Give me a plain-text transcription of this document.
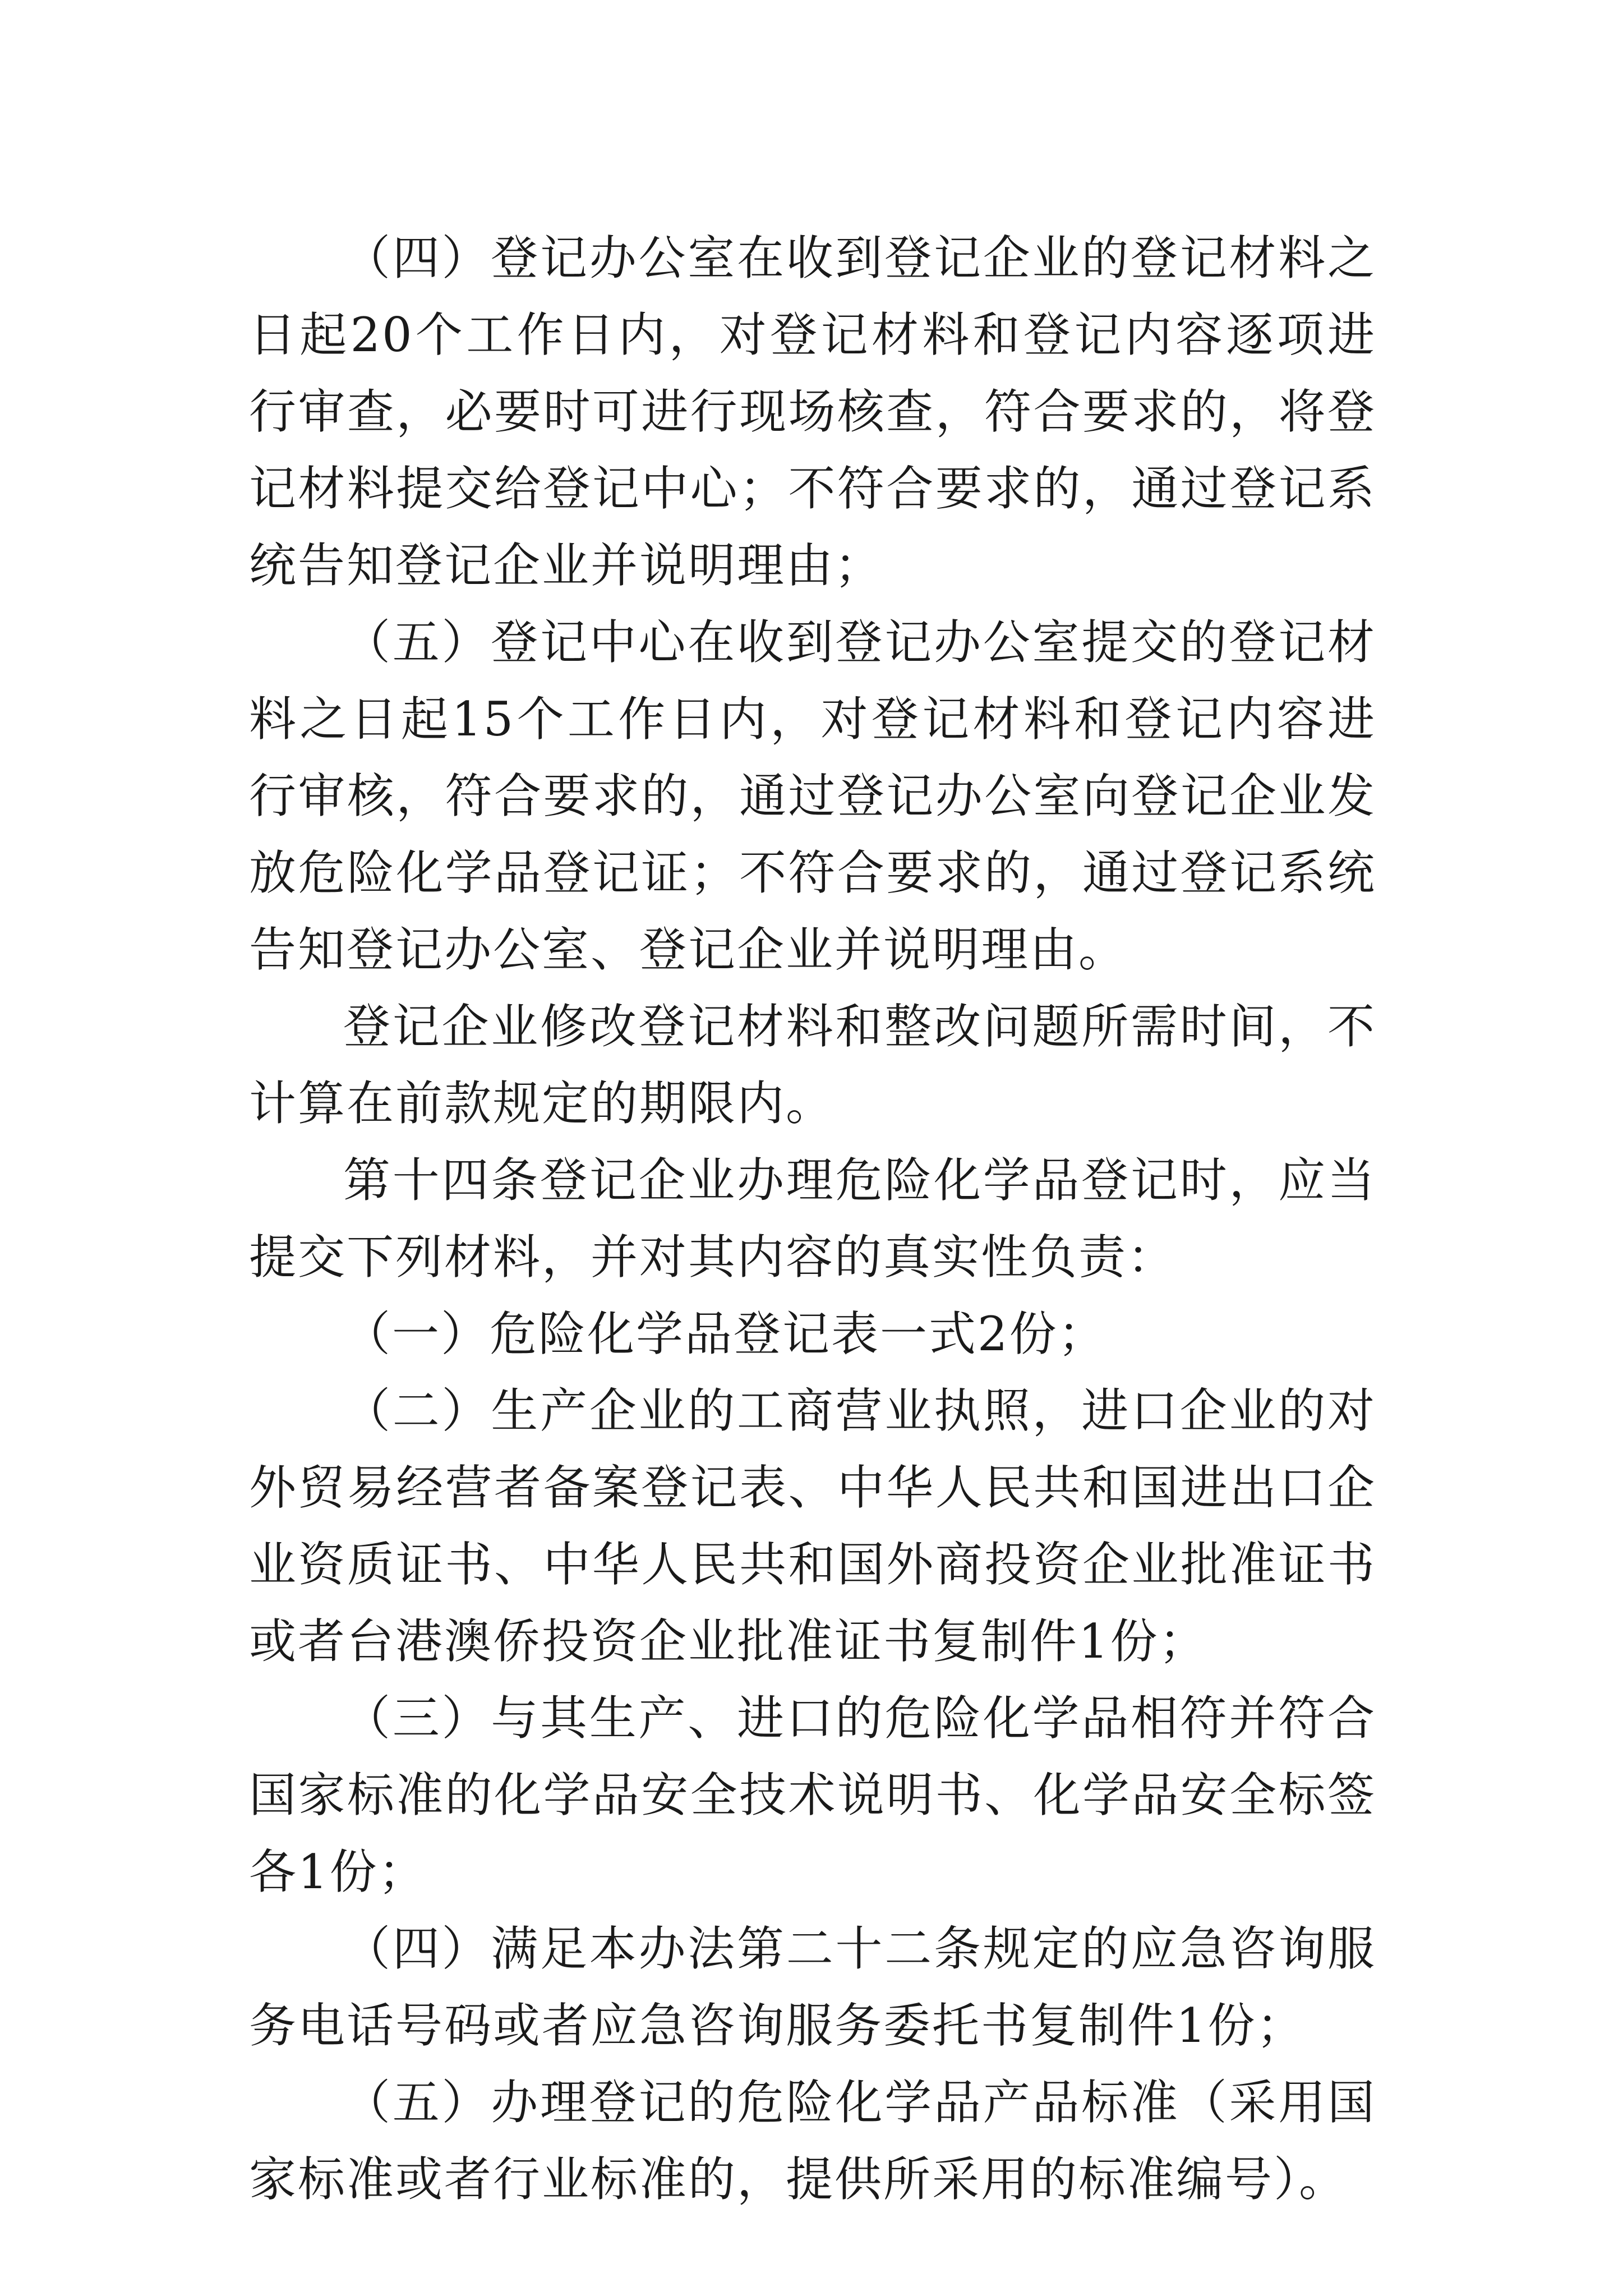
（四）登记办公室在收到登记企业的登记材料之日起20个工作日内，对登记材料和登记内容逐项进行审查，必要时可进行现场核查，符合要求的，将登记材料提交给登记中心；不符合要求的，通过登记系统告知登记企业并说明理由；

（五）登记中心在收到登记办公室提交的登记材料之日起15个工作日内，对登记材料和登记内容进行审核，符合要求的，通过登记办公室向登记企业发放危险化学品登记证；不符合要求的，通过登记系统告知登记办公室、登记企业并说明理由。

登记企业修改登记材料和整改问题所需时间，不计算在前款规定的期限内。

第十四条登记企业办理危险化学品登记时，应当提交下列材料，并对其内容的真实性负责：

（一）危险化学品登记表一式2份；

（二）生产企业的工商营业执照，进口企业的对外贸易经营者备案登记表、中华人民共和国进出口企业资质证书、中华人民共和国外商投资企业批准证书或者台港澳侨投资企业批准证书复制件1份；

（三）与其生产、进口的危险化学品相符并符合国家标准的化学品安全技术说明书、化学品安全标签各1份；

（四）满足本办法第二十二条规定的应急咨询服务电话号码或者应急咨询服务委托书复制件1份；

（五）办理登记的危险化学品产品标准（采用国家标准或者行业标准的，提供所采用的标准编号）。
